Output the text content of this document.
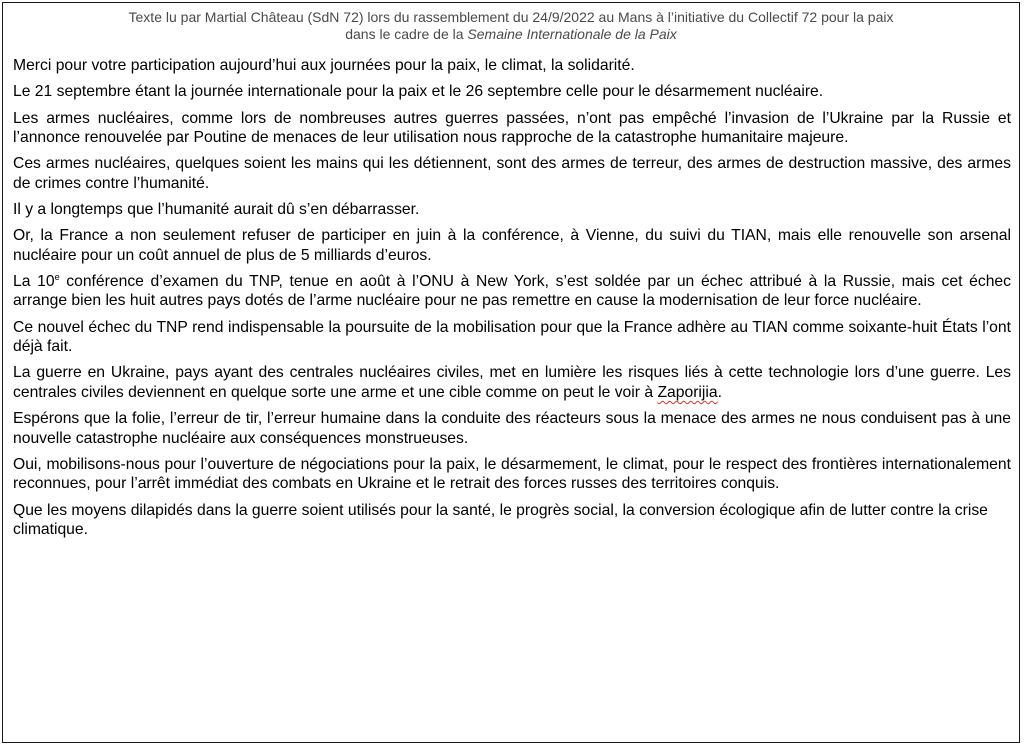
Texte lu par Martial Château (SdN 72) lors du rassemblement du 24/9/2022 au Mans à l’initiative du Collectif 72 pour la paix
dans le cadre de la Semaine Internationale de la Paix

Merci pour votre participation aujourd’hui aux journées pour la paix, le climat, la solidarité.

Le 21 septembre étant la journée internationale pour la paix et le 26 septembre celle pour le désarmement nucléaire.

Les armes nucléaires, comme lors de nombreuses autres guerres passées, n’ont pas empêché l’invasion de l’Ukraine par la Russie et l’annonce renouvelée par Poutine de menaces de leur utilisation nous rapproche de la catastrophe humanitaire majeure.

Ces armes nucléaires, quelques soient les mains qui les détiennent, sont des armes de terreur, des armes de destruction massive, des armes de crimes contre l’humanité.

Il y a longtemps que l’humanité aurait dû s’en débarrasser.

Or, la France a non seulement refuser de participer en juin à la conférence, à Vienne, du suivi du TIAN, mais elle renouvelle son arsenal nucléaire pour un coût annuel de plus de 5 milliards d’euros.

La 10e conférence d’examen du TNP, tenue en août à l’ONU à New York, s’est soldée par un échec attribué à la Russie, mais cet échec arrange bien les huit autres pays dotés de l’arme nucléaire pour ne pas remettre en cause la modernisation de leur force nucléaire.

Ce nouvel échec du TNP rend indispensable la poursuite de la mobilisation pour que la France adhère au TIAN comme soixante-huit États l’ont déjà fait.

La guerre en Ukraine, pays ayant des centrales nucléaires civiles, met en lumière les risques liés à cette technologie lors d’une guerre. Les centrales civiles deviennent en quelque sorte une arme et une cible comme on peut le voir à Zaporijia.

Espérons que la folie, l’erreur de tir, l’erreur humaine dans la conduite des réacteurs sous la menace des armes ne nous conduisent pas à une nouvelle catastrophe nucléaire aux conséquences monstrueuses.

Oui, mobilisons-nous pour l’ouverture de négociations pour la paix, le désarmement, le climat, pour le respect des frontières internationalement reconnues, pour l’arrêt immédiat des combats en Ukraine et le retrait des forces russes des territoires conquis.

Que les moyens dilapidés dans la guerre soient utilisés pour la santé, le progrès social, la conversion écologique afin de lutter contre la crise climatique.
